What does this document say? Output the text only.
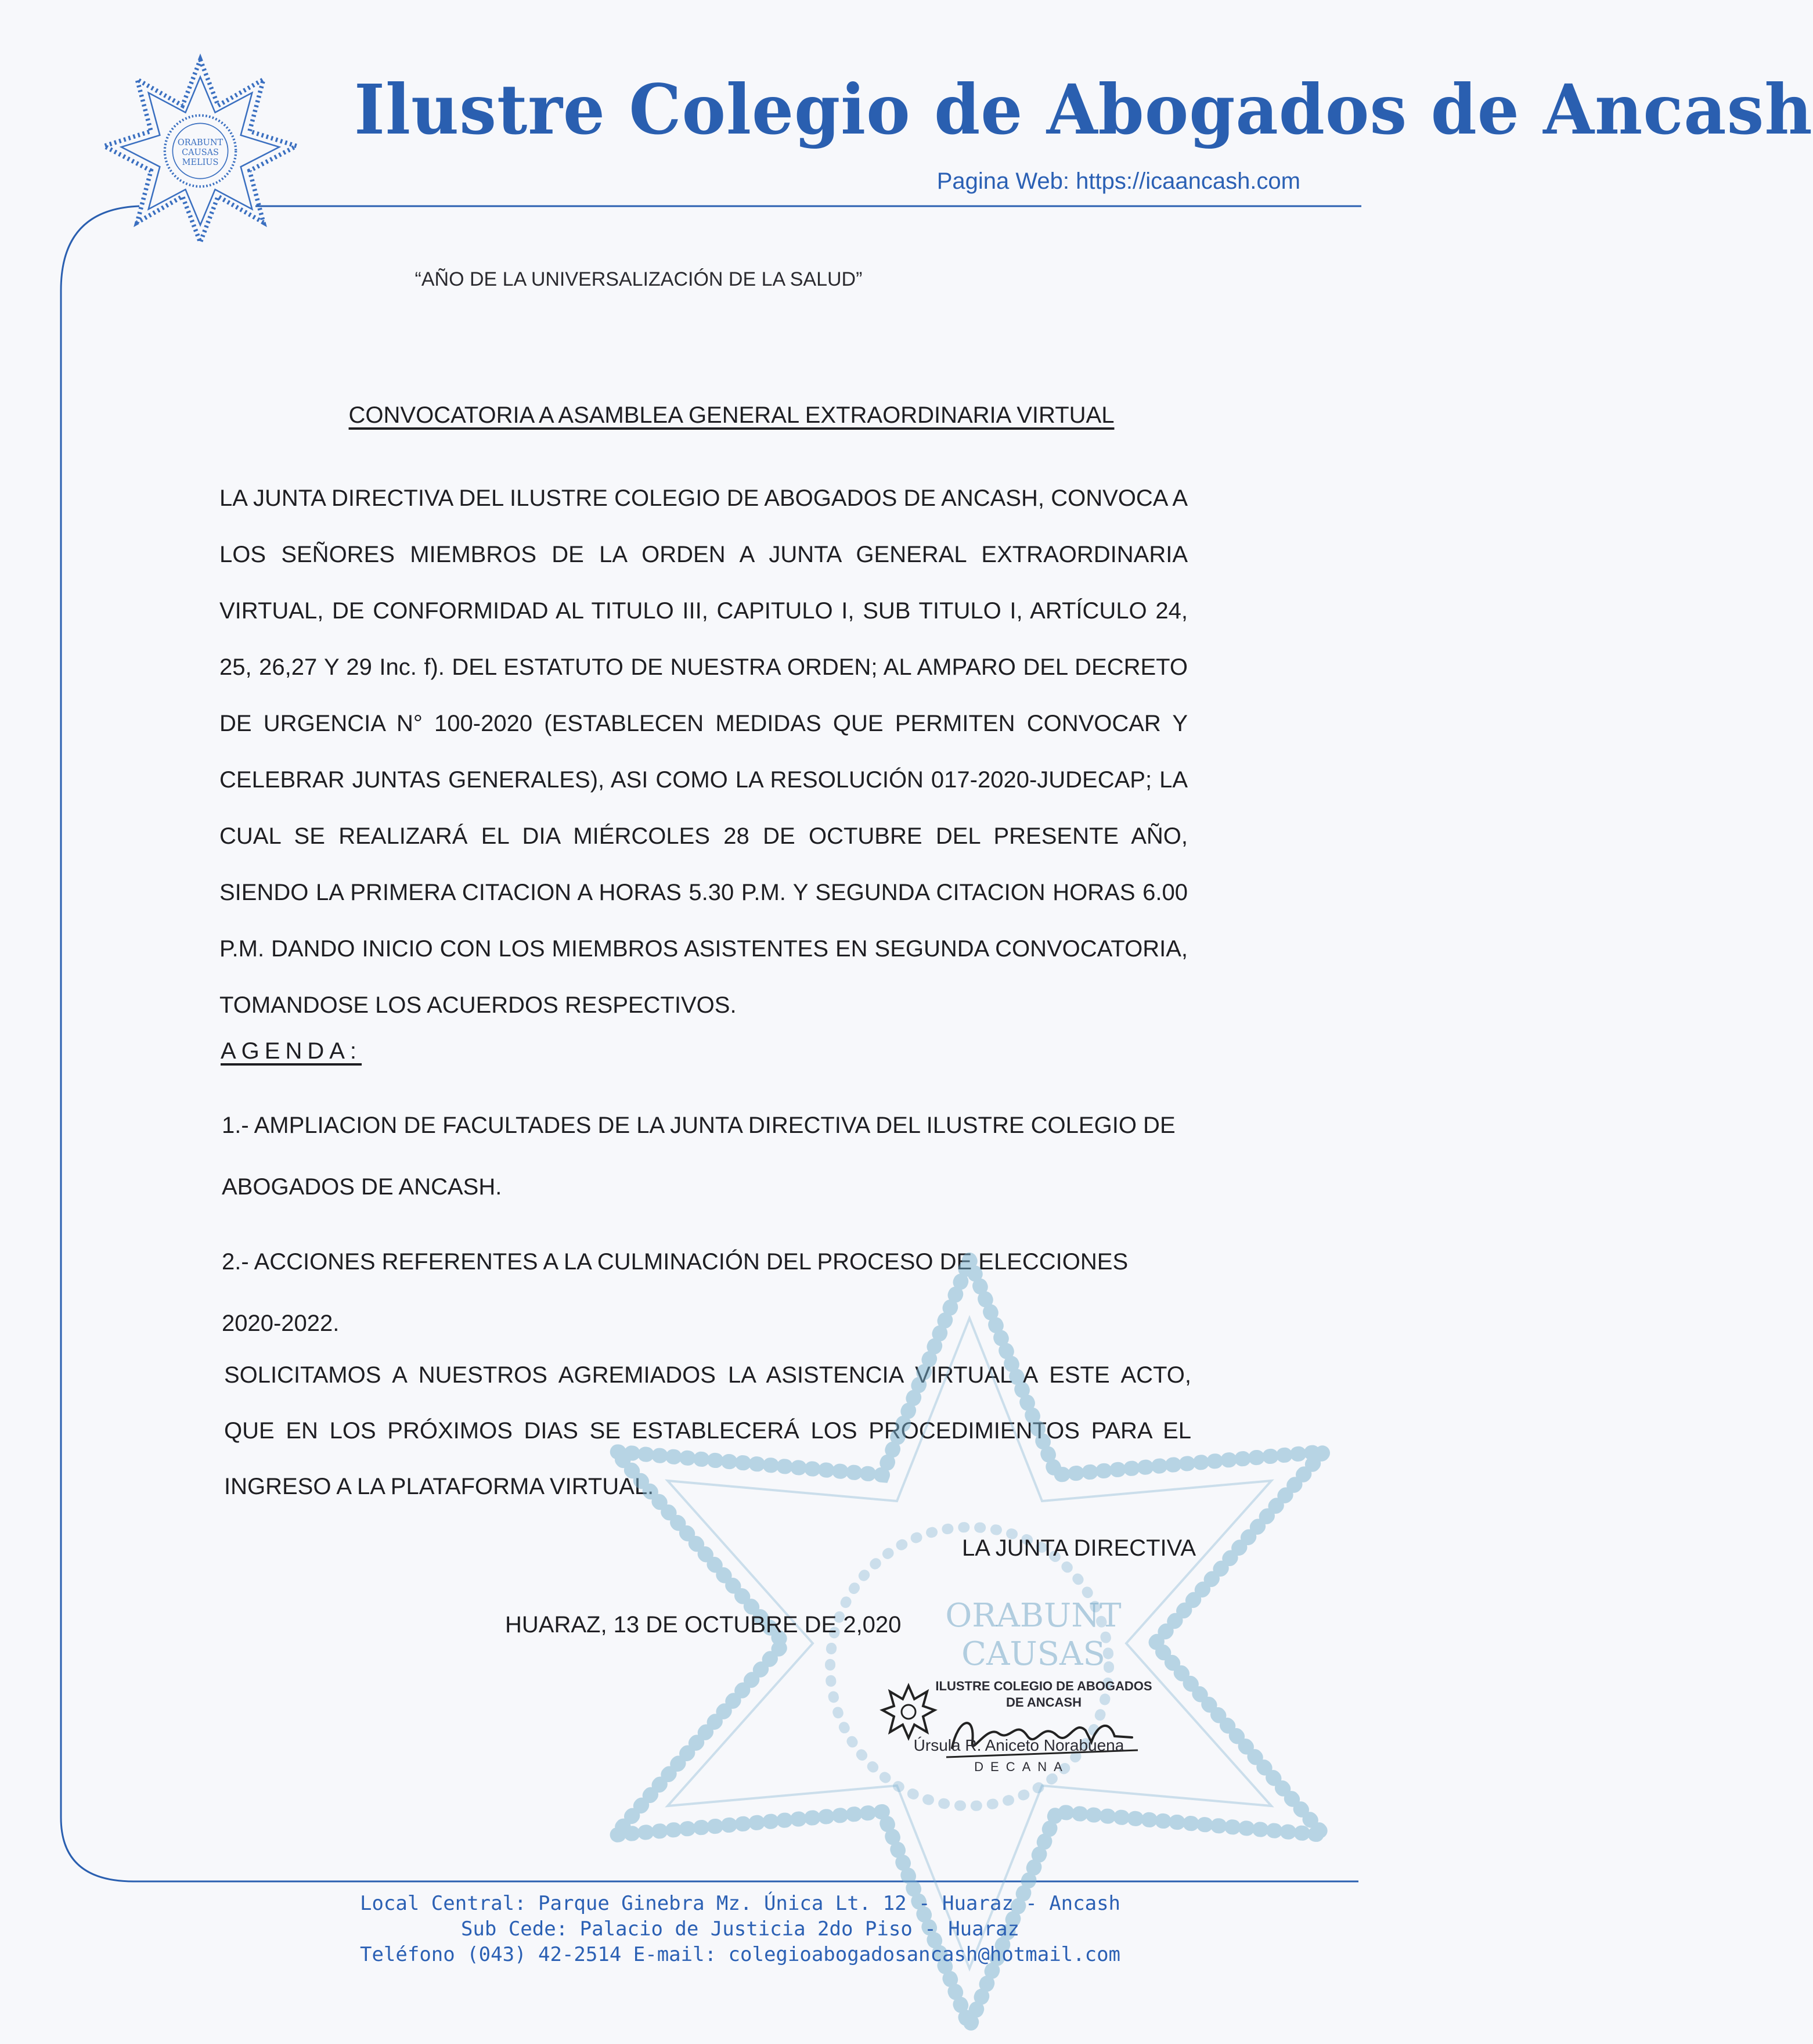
ORABUNT
CAUSAS
MELIUS
Ilustre Colegio de Abogados de Ancash
Pagina Web: https://icaancash.com
“AÑO DE LA UNIVERSALIZACIÓN DE LA SALUD”
CONVOCATORIA A ASAMBLEA GENERAL EXTRAORDINARIA VIRTUAL
LA JUNTA DIRECTIVA DEL ILUSTRE COLEGIO DE ABOGADOS DE ANCASH, CONVOCA A LOS SEÑORES MIEMBROS DE LA ORDEN A JUNTA GENERAL EXTRAORDINARIA VIRTUAL, DE CONFORMIDAD AL TITULO III, CAPITULO I, SUB TITULO I, ARTÍCULO 24, 25, 26,27 Y 29 Inc. f). DEL ESTATUTO DE NUESTRA ORDEN; AL AMPARO DEL DECRETO DE URGENCIA N° 100-2020 (ESTABLECEN MEDIDAS QUE PERMITEN CONVOCAR Y CELEBRAR JUNTAS GENERALES), ASI COMO LA RESOLUCIÓN 017-2020-JUDECAP; LA CUAL SE REALIZARÁ EL DIA MIÉRCOLES 28 DE OCTUBRE DEL PRESENTE AÑO, SIENDO LA PRIMERA CITACION A HORAS 5.30 P.M. Y SEGUNDA CITACION HORAS 6.00 P.M. DANDO INICIO CON LOS MIEMBROS ASISTENTES EN SEGUNDA CONVOCATORIA, TOMANDOSE LOS ACUERDOS RESPECTIVOS.
AGENDA:
1.- AMPLIACION DE FACULTADES DE LA JUNTA DIRECTIVA DEL ILUSTRE COLEGIO DE ABOGADOS DE ANCASH.
2.- ACCIONES REFERENTES A LA CULMINACIÓN DEL PROCESO DE ELECCIONES 2020-2022.
SOLICITAMOS A NUESTROS AGREMIADOS LA ASISTENCIA VIRTUAL A ESTE ACTO, QUE EN LOS PRÓXIMOS DIAS SE ESTABLECERÁ LOS PROCEDIMIENTOS PARA EL INGRESO A LA PLATAFORMA VIRTUAL.
ORABUNT
CAUSAS
LA JUNTA DIRECTIVA
HUARAZ, 13 DE OCTUBRE DE 2,020
ILUSTRE COLEGIO DE ABOGADOS
DE ANCASH
Úrsula R. Aniceto Norabuena
DECANA
Local Central: Parque Ginebra Mz. Única Lt. 12 - Huaraz - Ancash
Sub Cede: Palacio de Justicia 2do Piso - Huaraz
Teléfono (043) 42-2514 E-mail: colegioabogadosancash@hotmail.com
